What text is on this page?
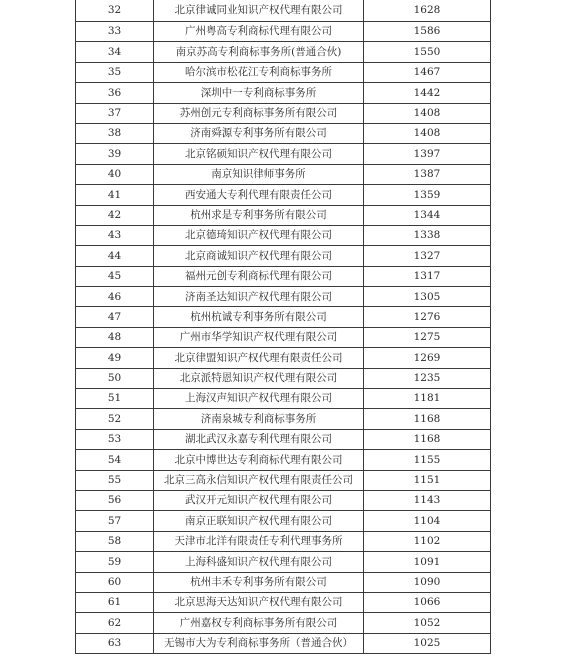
32	北京律诚同业知识产权代理有限公司	1628
33	广州粤高专利商标代理有限公司	1586
34	南京苏高专利商标事务所(普通合伙)	1550
35	哈尔滨市松花江专利商标事务所	1467
36	深圳中一专利商标事务所	1442
37	苏州创元专利商标事务所有限公司	1408
38	济南舜源专利事务所有限公司	1408
39	北京铭硕知识产权代理有限公司	1397
40	南京知识律师事务所	1387
41	西安通大专利代理有限责任公司	1359
42	杭州求是专利事务所有限公司	1344
43	北京德琦知识产权代理有限公司	1338
44	北京商诚知识产权代理有限公司	1327
45	福州元创专利商标代理有限公司	1317
46	济南圣达知识产权代理有限公司	1305
47	杭州杭诚专利事务所有限公司	1276
48	广州市华学知识产权代理有限公司	1275
49	北京律盟知识产权代理有限责任公司	1269
50	北京派特恩知识产权代理有限公司	1235
51	上海汉声知识产权代理有限公司	1181
52	济南泉城专利商标事务所	1168
53	湖北武汉永嘉专利代理有限公司	1168
54	北京中博世达专利商标代理有限公司	1155
55	北京三高永信知识产权代理有限责任公司	1151
56	武汉开元知识产权代理有限公司	1143
57	南京正联知识产权代理有限公司	1104
58	天津市北洋有限责任专利代理事务所	1102
59	上海科盛知识产权代理有限公司	1091
60	杭州丰禾专利事务所有限公司	1090
61	北京思海天达知识产权代理有限公司	1066
62	广州嘉权专利商标事务所有限公司	1052
63	无锡市大为专利商标事务所（普通合伙）	1025
